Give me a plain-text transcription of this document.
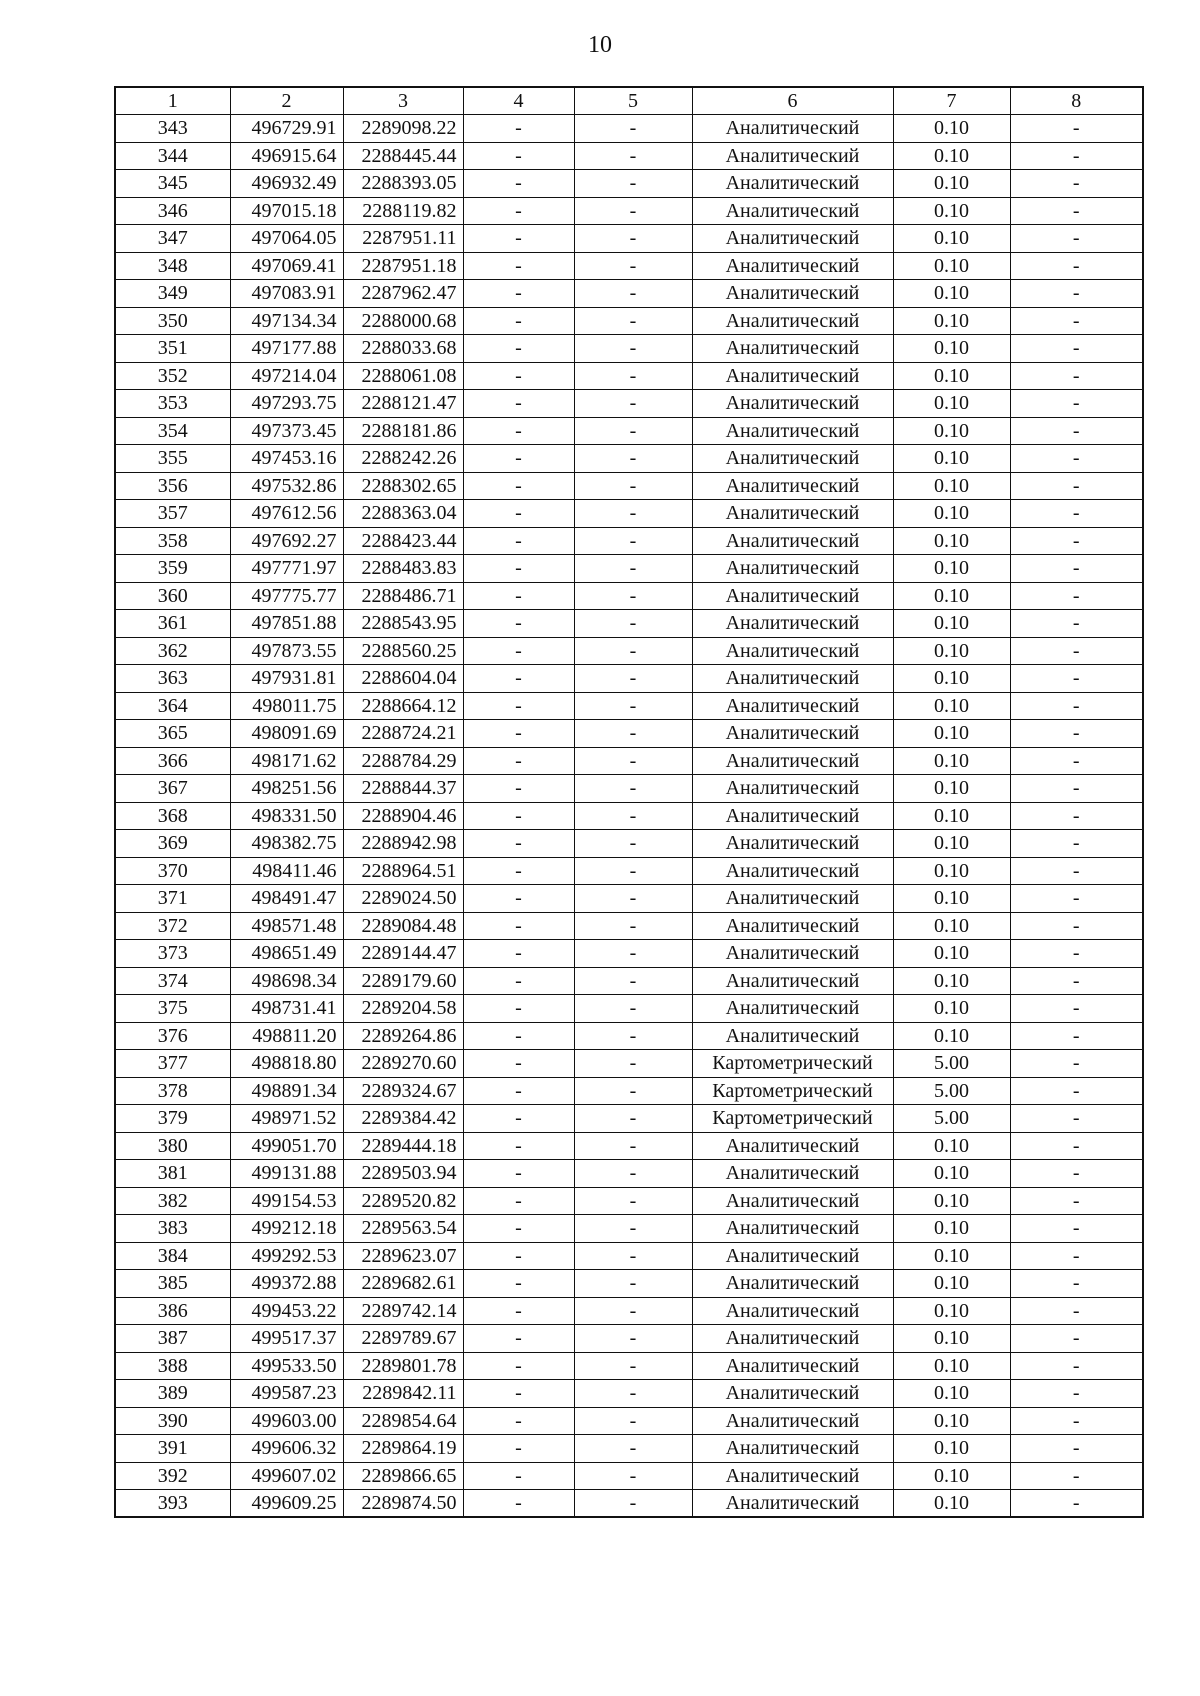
10
1	2	3	4	5	6	7	8
343	496729.91	2289098.22	-	-	Аналитический	0.10	-
344	496915.64	2288445.44	-	-	Аналитический	0.10	-
345	496932.49	2288393.05	-	-	Аналитический	0.10	-
346	497015.18	2288119.82	-	-	Аналитический	0.10	-
347	497064.05	2287951.11	-	-	Аналитический	0.10	-
348	497069.41	2287951.18	-	-	Аналитический	0.10	-
349	497083.91	2287962.47	-	-	Аналитический	0.10	-
350	497134.34	2288000.68	-	-	Аналитический	0.10	-
351	497177.88	2288033.68	-	-	Аналитический	0.10	-
352	497214.04	2288061.08	-	-	Аналитический	0.10	-
353	497293.75	2288121.47	-	-	Аналитический	0.10	-
354	497373.45	2288181.86	-	-	Аналитический	0.10	-
355	497453.16	2288242.26	-	-	Аналитический	0.10	-
356	497532.86	2288302.65	-	-	Аналитический	0.10	-
357	497612.56	2288363.04	-	-	Аналитический	0.10	-
358	497692.27	2288423.44	-	-	Аналитический	0.10	-
359	497771.97	2288483.83	-	-	Аналитический	0.10	-
360	497775.77	2288486.71	-	-	Аналитический	0.10	-
361	497851.88	2288543.95	-	-	Аналитический	0.10	-
362	497873.55	2288560.25	-	-	Аналитический	0.10	-
363	497931.81	2288604.04	-	-	Аналитический	0.10	-
364	498011.75	2288664.12	-	-	Аналитический	0.10	-
365	498091.69	2288724.21	-	-	Аналитический	0.10	-
366	498171.62	2288784.29	-	-	Аналитический	0.10	-
367	498251.56	2288844.37	-	-	Аналитический	0.10	-
368	498331.50	2288904.46	-	-	Аналитический	0.10	-
369	498382.75	2288942.98	-	-	Аналитический	0.10	-
370	498411.46	2288964.51	-	-	Аналитический	0.10	-
371	498491.47	2289024.50	-	-	Аналитический	0.10	-
372	498571.48	2289084.48	-	-	Аналитический	0.10	-
373	498651.49	2289144.47	-	-	Аналитический	0.10	-
374	498698.34	2289179.60	-	-	Аналитический	0.10	-
375	498731.41	2289204.58	-	-	Аналитический	0.10	-
376	498811.20	2289264.86	-	-	Аналитический	0.10	-
377	498818.80	2289270.60	-	-	Картометрический	5.00	-
378	498891.34	2289324.67	-	-	Картометрический	5.00	-
379	498971.52	2289384.42	-	-	Картометрический	5.00	-
380	499051.70	2289444.18	-	-	Аналитический	0.10	-
381	499131.88	2289503.94	-	-	Аналитический	0.10	-
382	499154.53	2289520.82	-	-	Аналитический	0.10	-
383	499212.18	2289563.54	-	-	Аналитический	0.10	-
384	499292.53	2289623.07	-	-	Аналитический	0.10	-
385	499372.88	2289682.61	-	-	Аналитический	0.10	-
386	499453.22	2289742.14	-	-	Аналитический	0.10	-
387	499517.37	2289789.67	-	-	Аналитический	0.10	-
388	499533.50	2289801.78	-	-	Аналитический	0.10	-
389	499587.23	2289842.11	-	-	Аналитический	0.10	-
390	499603.00	2289854.64	-	-	Аналитический	0.10	-
391	499606.32	2289864.19	-	-	Аналитический	0.10	-
392	499607.02	2289866.65	-	-	Аналитический	0.10	-
393	499609.25	2289874.50	-	-	Аналитический	0.10	-
